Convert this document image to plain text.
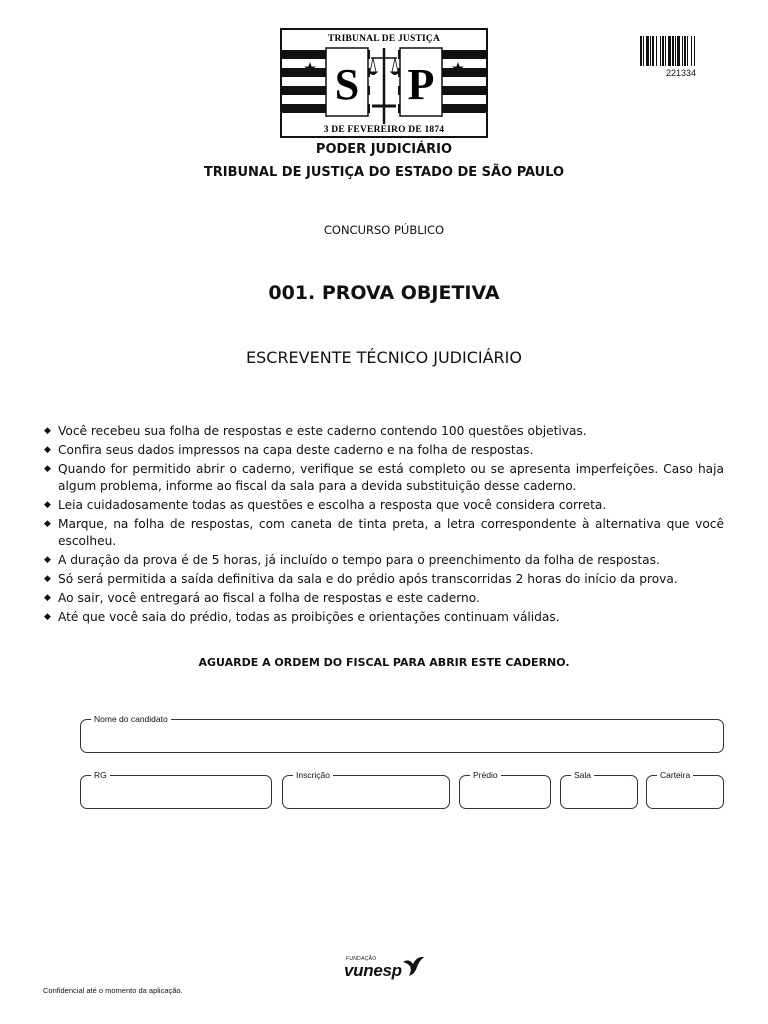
TRIBUNAL DE JUSTIÇA
S P
3 DE FEVEREIRO DE 1874
221334
PODER JUDICIÁRIO
TRIBUNAL DE JUSTIÇA DO ESTADO DE SÃO PAULO
CONCURSO PÚBLICO
001. PROVA OBJETIVA
ESCREVENTE TÉCNICO JUDICIÁRIO
◆ Você recebeu sua folha de respostas e este caderno contendo 100 questões objetivas.
◆ Confira seus dados impressos na capa deste caderno e na folha de respostas.
◆ Quando for permitido abrir o caderno, verifique se está completo ou se apresenta imperfeições. Caso haja algum problema, informe ao fiscal da sala para a devida substituição desse caderno.
◆ Leia cuidadosamente todas as questões e escolha a resposta que você considera correta.
◆ Marque, na folha de respostas, com caneta de tinta preta, a letra correspondente à alternativa que você escolheu.
◆ A duração da prova é de 5 horas, já incluído o tempo para o preenchimento da folha de respostas.
◆ Só será permitida a saída definitiva da sala e do prédio após transcorridas 2 horas do início da prova.
◆ Ao sair, você entregará ao fiscal a folha de respostas e este caderno.
◆ Até que você saia do prédio, todas as proibições e orientações continuam válidas.
AGUARDE A ORDEM DO FISCAL PARA ABRIR ESTE CADERNO.
Nome do candidato
RG	Inscrição	Prédio	Sala	Carteira
FUNDAÇÃO
vunesp
Confidencial até o momento da aplicação.
